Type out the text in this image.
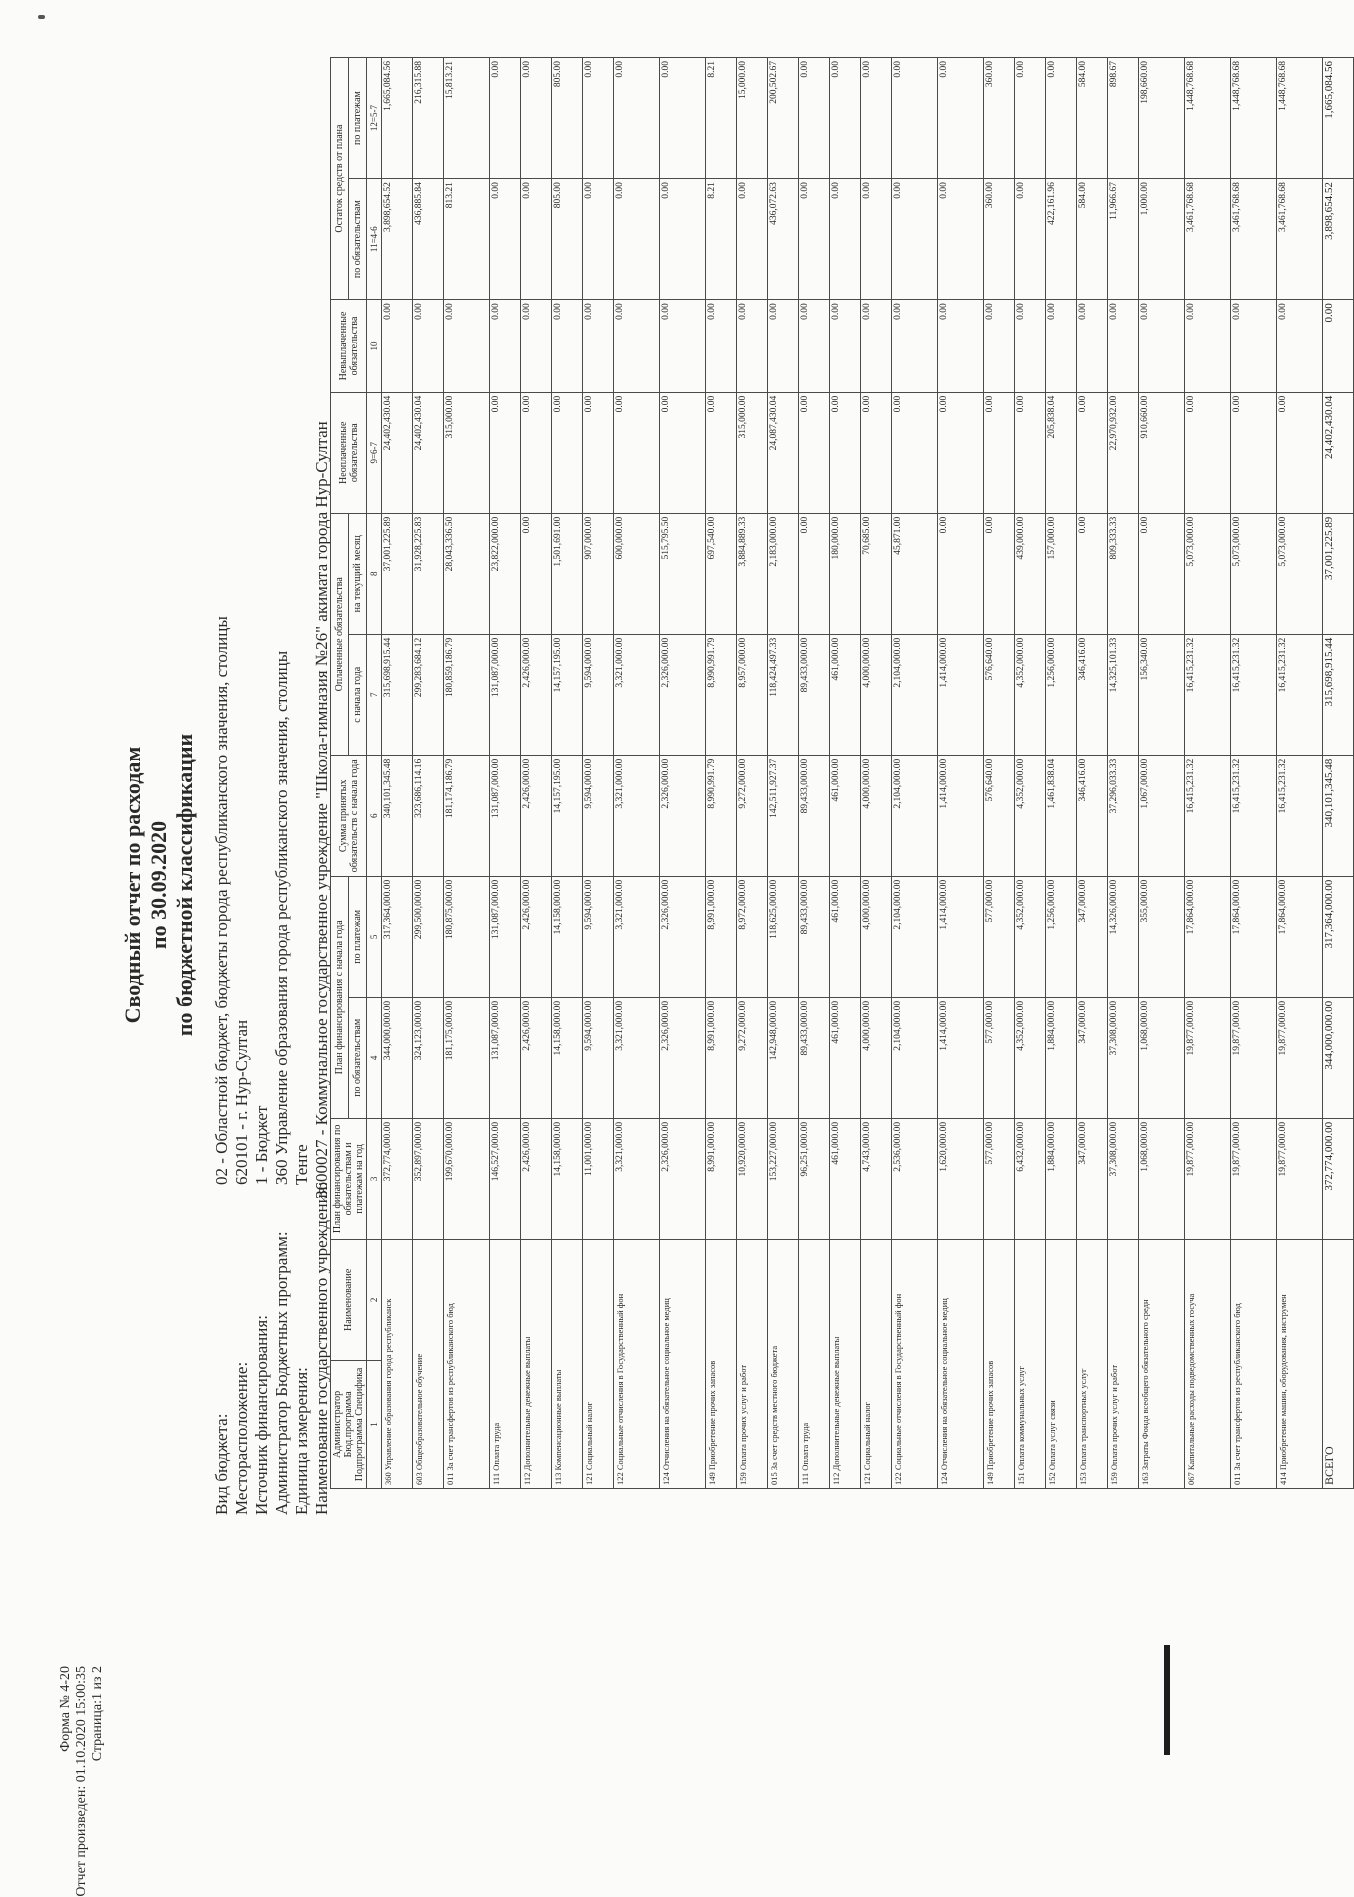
Форма № 4-20 Отчет произведен: 01.10.2020 15:00:35 Страница:1 из 2
Сводный отчет по расходам по 30.09.2020 по бюджетной классификации
Вид бюджета:
02 - Областной бюджет, бюджеты города республиканского значения, столицы
Месторасположение:
620101 - г. Нур-Султан
Источник финансирования:
1 - Бюджет
Администратор Бюджетных программ:
360 Управление образования города республиканского значения, столицы
Единица измерения:
Тенге
Наименование государственного учреждения:
3600027 - Коммунальное государственное учреждение "Школа-гимназия №26" акимата города Нур-Султан
Администратор Бюд.программа Подпрограмма Специфика	Наименование	План финансирования по обязательствам и платежам на год	План финансирования с начала года		Сумма принятых обязательств с начала года	Оплаченные обязательства		Неоплаченные обязательства	Невыплаченные обязательства	Остаток средств от плана	
			по обязательствам	по платежам		с начала года	на текущий месяц			по обязательствам	по платежам
1	2	3	4	5	6	7	8	9=6-7	10	11=4-6	12=5-7
360 Управление образования города республиканск		372,774,000.00	344,000,000.00	317,364,000.00	340,101,345.48	315,698,915.44	37,001,225.89	24,402,430.04	0.00	3,898,654.52	1,665,084.56
603 Общеобразовательное обучение		352,897,000.00	324,123,000.00	299,500,000.00	323,686,114.16	299,283,684.12	31,928,225.83	24,402,430.04	0.00	436,885.84	216,315.88
011 За счет трансфертов из республиканского бюд		199,670,000.00	181,175,000.00	180,875,000.00	181,174,186.79	180,859,186.79	28,043,336.50	315,000.00	0.00	813.21	15,813.21
111 Оплата труда		146,527,000.00	131,087,000.00	131,087,000.00	131,087,000.00	131,087,000.00	23,822,000.00	0.00	0.00	0.00	0.00
112 Дополнительные денежные выплаты		2,426,000.00	2,426,000.00	2,426,000.00	2,426,000.00	2,426,000.00	0.00	0.00	0.00	0.00	0.00
113 Компенсационные выплаты		14,158,000.00	14,158,000.00	14,158,000.00	14,157,195.00	14,157,195.00	1,501,691.00	0.00	0.00	805.00	805.00
121 Социальный налог		11,001,000.00	9,594,000.00	9,594,000.00	9,594,000.00	9,594,000.00	907,000.00	0.00	0.00	0.00	0.00
122 Социальные отчисления в Государственный фон		3,321,000.00	3,321,000.00	3,321,000.00	3,321,000.00	3,321,000.00	600,000.00	0.00	0.00	0.00	0.00
124 Отчисления на обязательное социальное медиц		2,326,000.00	2,326,000.00	2,326,000.00	2,326,000.00	2,326,000.00	515,795.50	0.00	0.00	0.00	0.00
149 Приобретение прочих запасов		8,991,000.00	8,991,000.00	8,991,000.00	8,990,991.79	8,990,991.79	697,540.00	0.00	0.00	8.21	8.21
159 Оплата прочих услуг и работ		10,920,000.00	9,272,000.00	8,972,000.00	9,272,000.00	8,957,000.00	3,884,889.33	315,000.00	0.00	0.00	15,000.00
015 За счет средств местного бюджета		153,227,000.00	142,948,000.00	118,625,000.00	142,511,927.37	118,424,497.33	2,183,000.00	24,087,430.04	0.00	436,072.63	200,502.67
111 Оплата труда		96,251,000.00	89,433,000.00	89,433,000.00	89,433,000.00	89,433,000.00	0.00	0.00	0.00	0.00	0.00
112 Дополнительные денежные выплаты		461,000.00	461,000.00	461,000.00	461,000.00	461,000.00	180,000.00	0.00	0.00	0.00	0.00
121 Социальный налог		4,743,000.00	4,000,000.00	4,000,000.00	4,000,000.00	4,000,000.00	70,685.00	0.00	0.00	0.00	0.00
122 Социальные отчисления в Государственный фон		2,536,000.00	2,104,000.00	2,104,000.00	2,104,000.00	2,104,000.00	45,871.00	0.00	0.00	0.00	0.00
124 Отчисления на обязательное социальное медиц		1,620,000.00	1,414,000.00	1,414,000.00	1,414,000.00	1,414,000.00	0.00	0.00	0.00	0.00	0.00
149 Приобретение прочих запасов		577,000.00	577,000.00	577,000.00	576,640.00	576,640.00	0.00	0.00	0.00	360.00	360.00
151 Оплата коммунальных услуг		6,432,000.00	4,352,000.00	4,352,000.00	4,352,000.00	4,352,000.00	439,000.00	0.00	0.00	0.00	0.00
152 Оплата услуг связи		1,884,000.00	1,884,000.00	1,256,000.00	1,461,838.04	1,256,000.00	157,000.00	205,838.04	0.00	422,161.96	0.00
153 Оплата транспортных услуг		347,000.00	347,000.00	347,000.00	346,416.00	346,416.00	0.00	0.00	0.00	584.00	584.00
159 Оплата прочих услуг и работ		37,308,000.00	37,308,000.00	14,326,000.00	37,296,033.33	14,325,101.33	809,333.33	22,970,932.00	0.00	11,966.67	898.67
163 Затраты Фонда всеобщего обязательного средн		1,068,000.00	1,068,000.00	355,000.00	1,067,000.00	156,340.00	0.00	910,660.00	0.00	1,000.00	198,660.00
067 Капитальные расходы подведомственных госуча		19,877,000.00	19,877,000.00	17,864,000.00	16,415,231.32	16,415,231.32	5,073,000.00	0.00	0.00	3,461,768.68	1,448,768.68
011 За счет трансфертов из республиканского бюд		19,877,000.00	19,877,000.00	17,864,000.00	16,415,231.32	16,415,231.32	5,073,000.00	0.00	0.00	3,461,768.68	1,448,768.68
414 Приобретение машин, оборудования, инструмен		19,877,000.00	19,877,000.00	17,864,000.00	16,415,231.32	16,415,231.32	5,073,000.00	0.00	0.00	3,461,768.68	1,448,768.68
ВСЕГО		372,774,000.00	344,000,000.00	317,364,000.00	340,101,345.48	315,698,915.44	37,001,225.89	24,402,430.04	0.00	3,898,654.52	1,665,084.56
